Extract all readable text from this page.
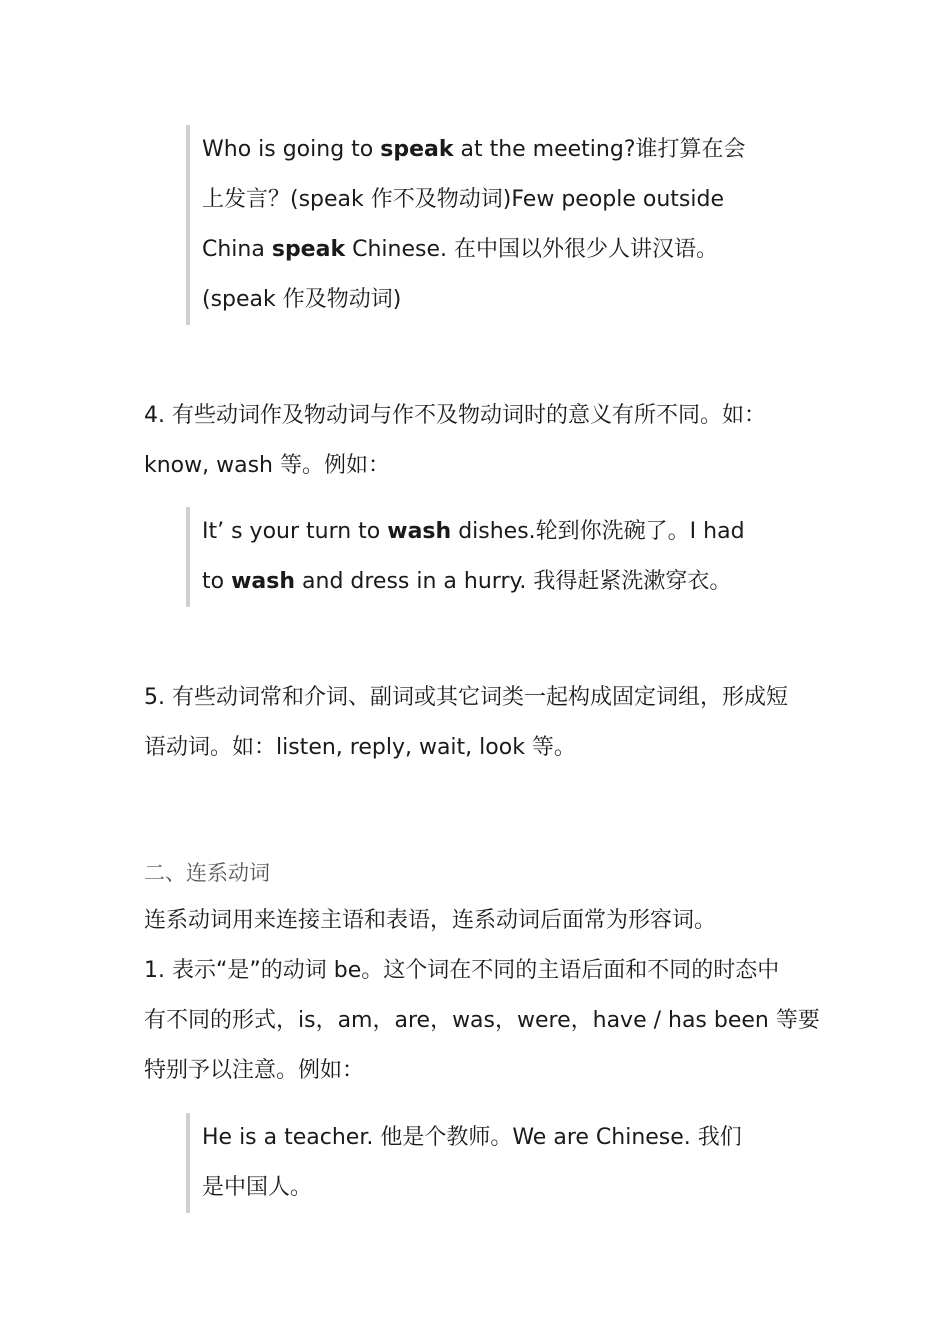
Who is going to speak at the meeting?谁打算在会
上发言？(speak 作不及物动词)Few people outside
China speak Chinese. 在中国以外很少人讲汉语。
(speak 作及物动词)
4. 有些动词作及物动词与作不及物动词时的意义有所不同。如：
know, wash 等。例如：
It’ s your turn to wash dishes.轮到你洗碗了。I had
to wash and dress in a hurry. 我得赶紧洗漱穿衣。
5. 有些动词常和介词、副词或其它词类一起构成固定词组，形成短
语动词。如：listen, reply, wait, look 等。
二、连系动词
连系动词用来连接主语和表语，连系动词后面常为形容词。
1. 表示“是”的动词 be。这个词在不同的主语后面和不同的时态中
有不同的形式，is，am，are，was，were，have / has been 等要
特别予以注意。例如：
He is a teacher. 他是个教师。We are Chinese. 我们
是中国人。
